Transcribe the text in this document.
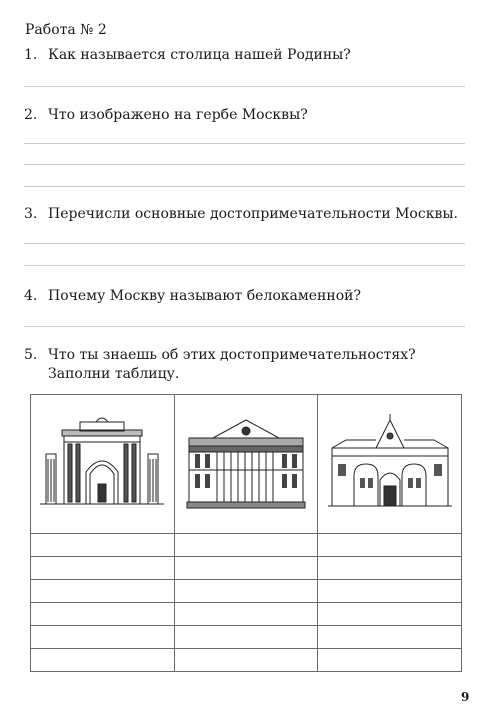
Работа № 2
1. Как называется столица нашей Родины?
2. Что изображено на гербе Москвы?
3. Перечисли основные достопримечательности Москвы.
4. Почему Москву называют белокаменной?
5. Что ты знаешь об этих достопримечательностях? Заполни таблицу.

9
